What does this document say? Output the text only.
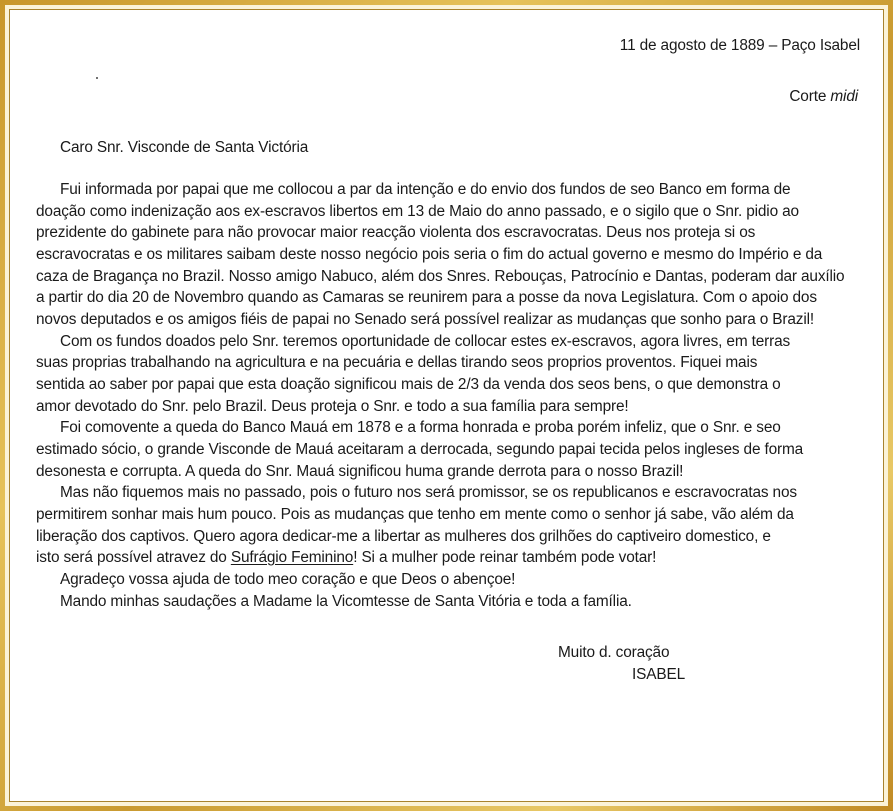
11 de agosto de 1889 – Paço Isabel
Corte midi
Caro Snr. Visconde de Santa Victória
Fui informada por papai que me collocou a par da intenção e do envio dos fundos de seo Banco em forma de
doação como indenização aos ex-escravos libertos em 13 de Maio do anno passado, e o sigilo que o Snr. pidio ao
prezidente do gabinete para não provocar maior reacção violenta dos escravocratas. Deus nos proteja si os
escravocratas e os militares saibam deste nosso negócio pois seria o fim do actual governo e mesmo do Império e da
caza de Bragança no Brazil. Nosso amigo Nabuco, além dos Snres. Rebouças, Patrocínio e Dantas, poderam dar auxílio
a partir do dia 20 de Novembro quando as Camaras se reunirem para a posse da nova Legislatura. Com o apoio dos
novos deputados e os amigos fiéis de papai no Senado será possível realizar as mudanças que sonho para o Brazil!
Com os fundos doados pelo Snr. teremos oportunidade de collocar estes ex-escravos, agora livres, em terras
suas proprias trabalhando na agricultura e na pecuária e dellas tirando seos proprios proventos. Fiquei mais
sentida ao saber por papai que esta doação significou mais de 2/3 da venda dos seos bens, o que demonstra o
amor devotado do Snr. pelo Brazil. Deus proteja o Snr. e todo a sua família para sempre!
Foi comovente a queda do Banco Mauá em 1878 e a forma honrada e proba porém infeliz, que o Snr. e seo
estimado sócio, o grande Visconde de Mauá aceitaram a derrocada, segundo papai tecida pelos ingleses de forma
desonesta e corrupta. A queda do Snr. Mauá significou huma grande derrota para o nosso Brazil!
Mas não fiquemos mais no passado, pois o futuro nos será promissor, se os republicanos e escravocratas nos
permitirem sonhar mais hum pouco. Pois as mudanças que tenho em mente como o senhor já sabe, vão além da
liberação dos captivos. Quero agora dedicar-me a libertar as mulheres dos grilhões do captiveiro domestico, e
isto será possível atravez do Sufrágio Feminino! Si a mulher pode reinar também pode votar!
Agradeço vossa ajuda de todo meo coração e que Deos o abençoe!
Mando minhas saudações a Madame la Vicomtesse de Santa Vitória e toda a família.
Muito d. coração
ISABEL
